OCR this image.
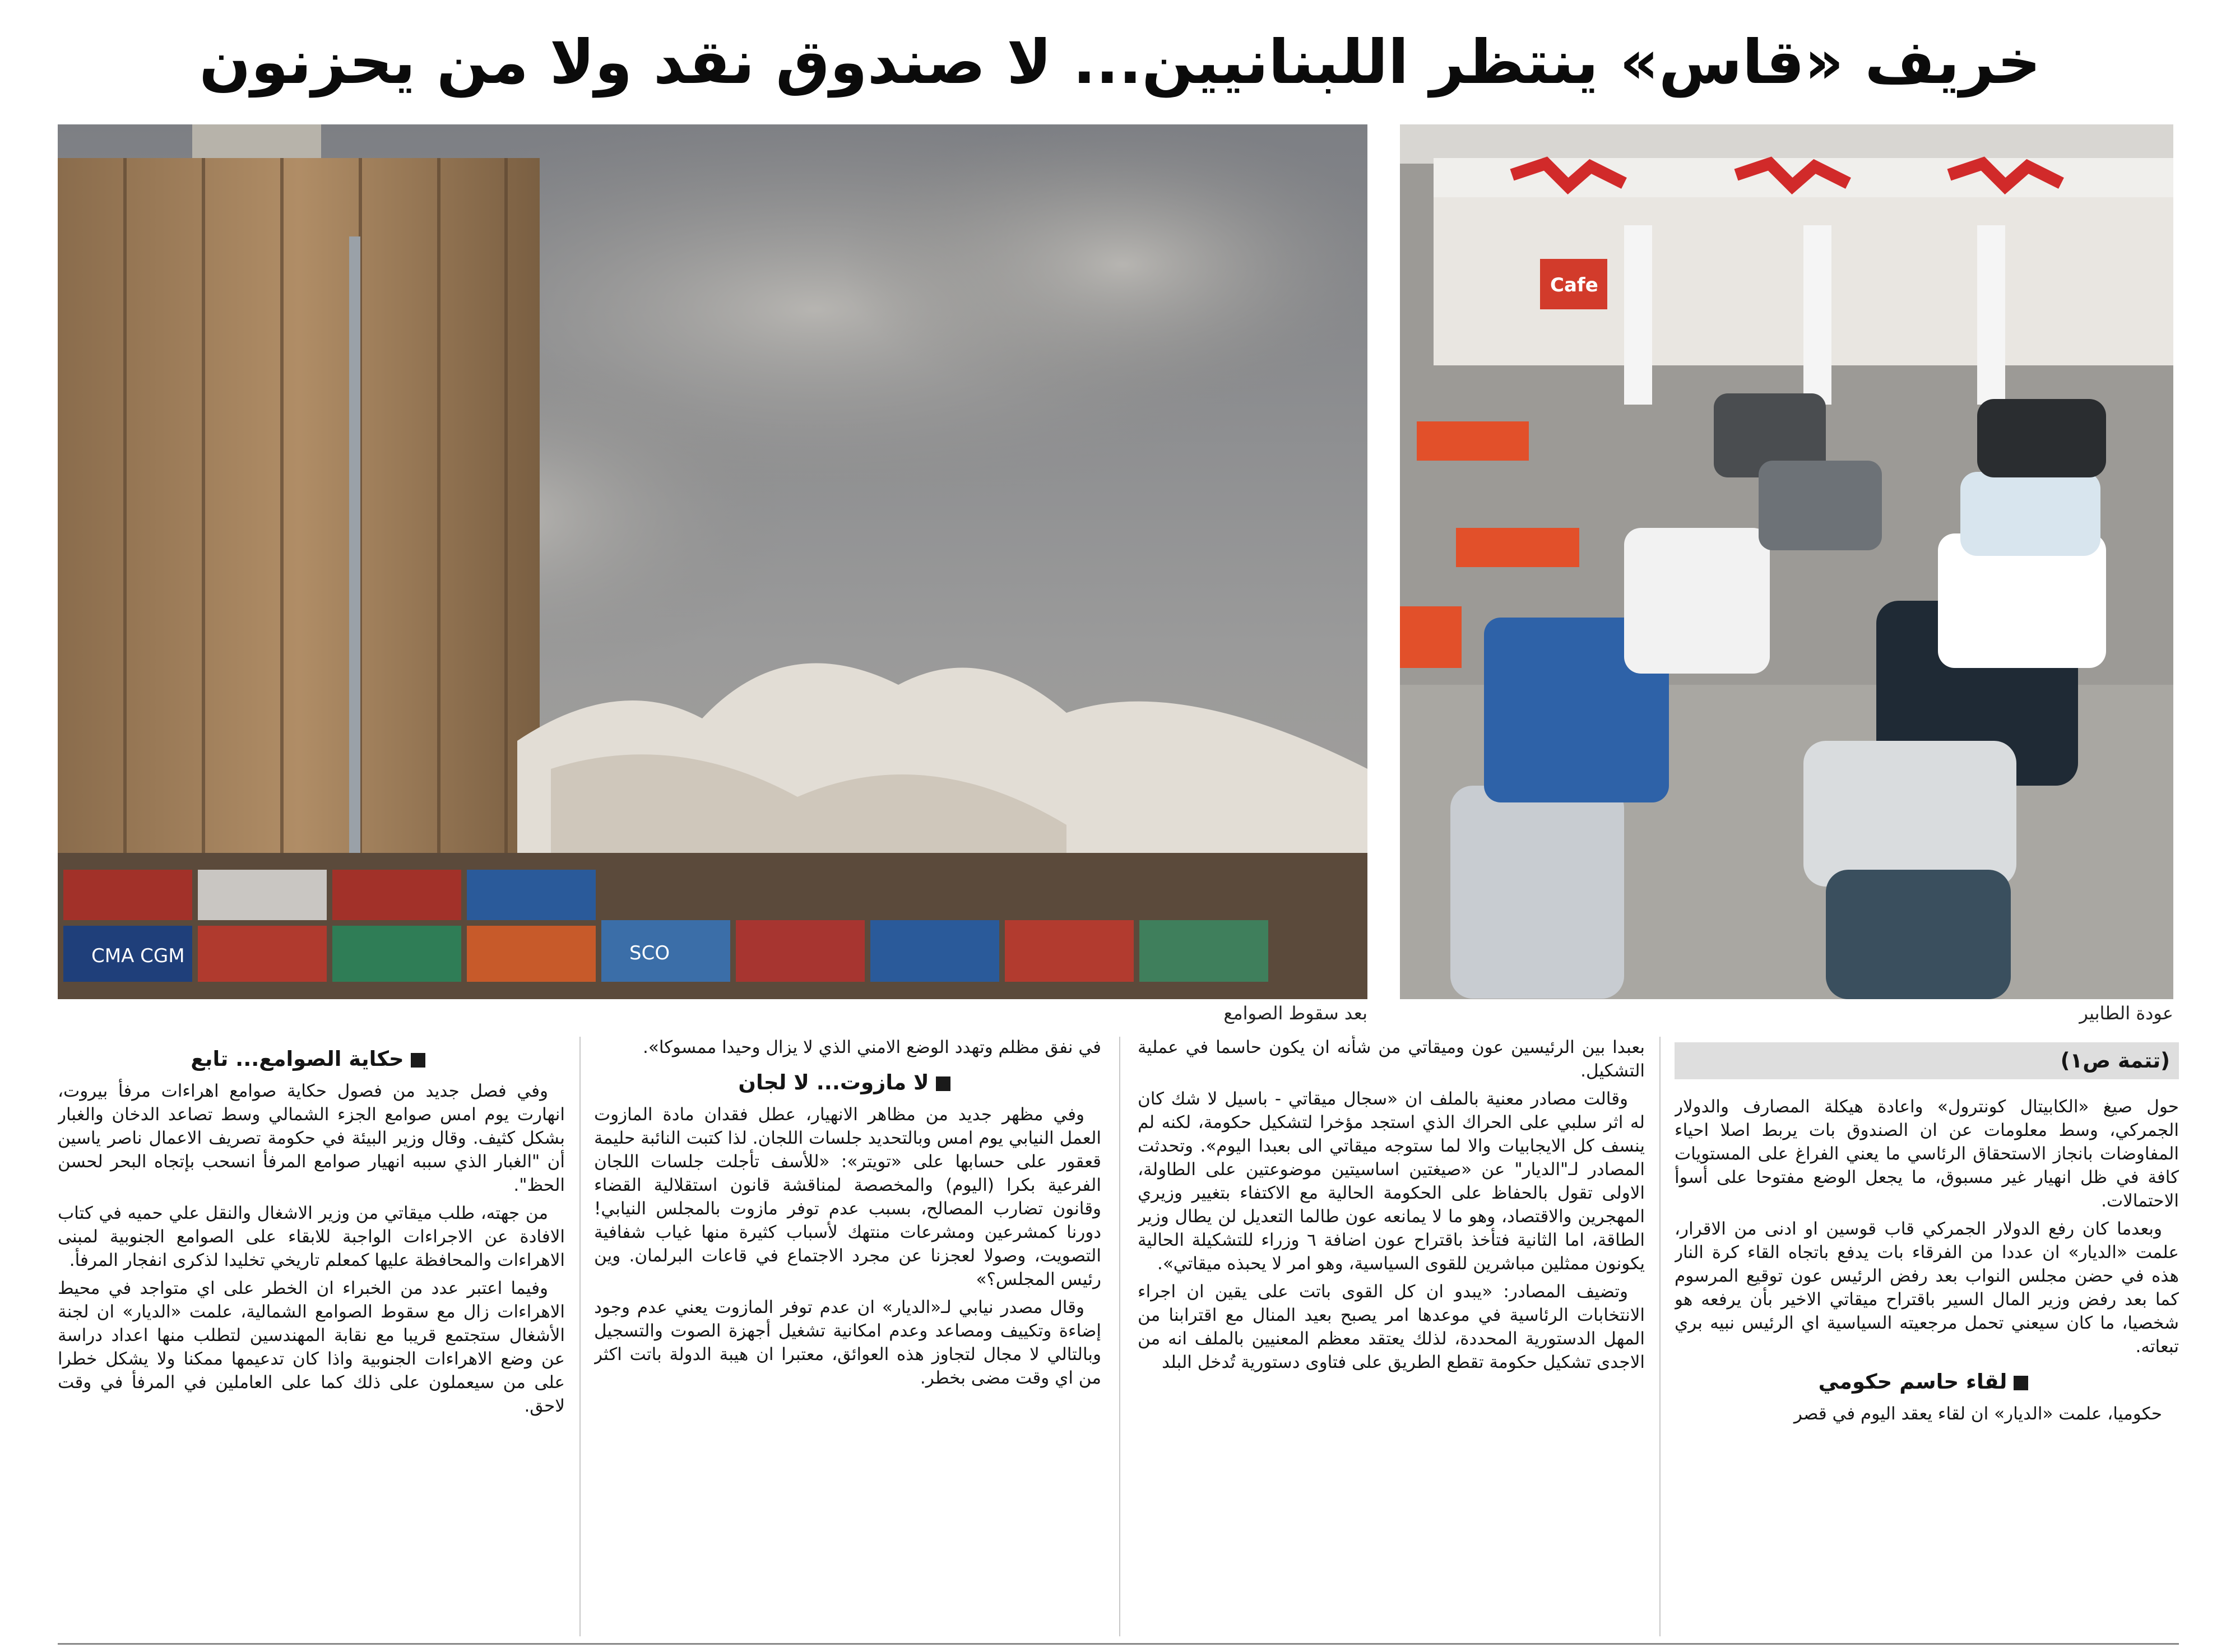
خريف «قاس» ينتظر اللبنانيين... لا صندوق نقد ولا من يحزنون
CMA CGM	SCO
Cafe
بعد سقوط الصوامع	عودة الطابير
(تتمة ص١)

حول صيغ «الكابيتال كونترول» واعادة هيكلة المصارف والدولار الجمركي، وسط معلومات عن ان الصندوق بات يربط اصلا احياء المفاوضات بانجاز الاستحقاق الرئاسي ما يعني الفراغ على المستويات كافة في ظل انهيار غير مسبوق، ما يجعل الوضع مفتوحا على أسوأ الاحتمالات.

وبعدما كان رفع الدولار الجمركي قاب قوسين او ادنى من الاقرار، علمت «الديار» ان عددا من الفرقاء بات يدفع باتجاه القاء كرة النار هذه في حضن مجلس النواب بعد رفض الرئيس عون توقيع المرسوم كما بعد رفض وزير المال السير باقتراح ميقاتي الاخير بأن يرفعه هو شخصيا، ما كان سيعني تحمل مرجعيته السياسية اي الرئيس نبيه بري تبعاته.

لقاء حاسم حكومي

حكوميا، علمت «الديار» ان لقاء يعقد اليوم في قصر

بعبدا بين الرئيسين عون وميقاتي من شأنه ان يكون حاسما في عملية التشكيل.

وقالت مصادر معنية بالملف ان «سجال ميقاتي - باسيل لا شك كان له اثر سلبي على الحراك الذي استجد مؤخرا لتشكيل حكومة، لكنه لم ينسف كل الايجابيات والا لما ستوجه ميقاتي الى بعبدا اليوم». وتحدثت المصادر لـ"الديار" عن «صيغتين اساسيتين موضوعتين على الطاولة، الاولى تقول بالحفاظ على الحكومة الحالية مع الاكتفاء بتغيير وزيري المهجرين والاقتصاد، وهو ما لا يمانعه عون طالما التعديل لن يطال وزير الطاقة، اما الثانية فتأخذ باقتراح عون اضافة ٦ وزراء للتشكيلة الحالية يكونون ممثلين مباشرين للقوى السياسية، وهو امر لا يحبذه ميقاتي».

وتضيف المصادر: «يبدو ان كل القوى باتت على يقين ان اجراء الانتخابات الرئاسية في موعدها امر يصبح بعيد المنال مع اقترابنا من المهل الدستورية المحددة، لذلك يعتقد معظم المعنيين بالملف انه من الاجدى تشكيل حكومة تقطع الطريق على فتاوى دستورية تُدخل البلد

في نفق مظلم وتهدد الوضع الامني الذي لا يزال وحيدا ممسوكا».

لا مازوت... لا لجان

وفي مظهر جديد من مظاهر الانهيار، عطل فقدان مادة المازوت العمل النيابي يوم امس وبالتحديد جلسات اللجان. لذا كتبت النائبة حليمة قعقور على حسابها على «تويتر»: «للأسف تأجلت جلسات اللجان الفرعية بكرا (اليوم) والمخصصة لمناقشة قانون استقلالية القضاء وقانون تضارب المصالح، بسبب عدم توفر مازوت بالمجلس النيابي! دورنا كمشرعين ومشرعات منتهك لأسباب كثيرة منها غياب شفافية التصويت، وصولا لعجزنا عن مجرد الاجتماع في قاعات البرلمان. وين رئيس المجلس؟»

وقال مصدر نيابي لـ«الديار» ان عدم توفر المازوت يعني عدم وجود إضاءة وتكييف ومصاعد وعدم امكانية تشغيل أجهزة الصوت والتسجيل وبالتالي لا مجال لتجاوز هذه العوائق، معتبرا ان هيبة الدولة باتت اكثر من اي وقت مضى بخطر.

حكاية الصوامع... تابع

وفي فصل جديد من فصول حكاية صوامع اهراءات مرفأ بيروت، انهارت يوم امس صوامع الجزء الشمالي وسط تصاعد الدخان والغبار بشكل كثيف. وقال وزير البيئة في حكومة تصريف الاعمال ناصر ياسين أن "الغبار الذي سببه انهيار صوامع المرفأ انسحب بإتجاه البحر لحسن الحظ".

من جهته، طلب ميقاتي من وزير الاشغال والنقل علي حميه في كتاب الافادة عن الاجراءات الواجبة للابقاء على الصوامع الجنوبية لمبنى الاهراءات والمحافظة عليها كمعلم تاريخي تخليدا لذكرى انفجار المرفأ.

وفيما اعتبر عدد من الخبراء ان الخطر على اي متواجد في محيط الاهراءات زال مع سقوط الصوامع الشمالية، علمت «الديار» ان لجنة الأشغال ستجتمع قريبا مع نقابة المهندسين لتطلب منها اعداد دراسة عن وضع الاهراءات الجنوبية واذا كان تدعيمها ممكنا ولا يشكل خطرا على من سيعملون على ذلك كما على العاملين في المرفأ في وقت لاحق.
